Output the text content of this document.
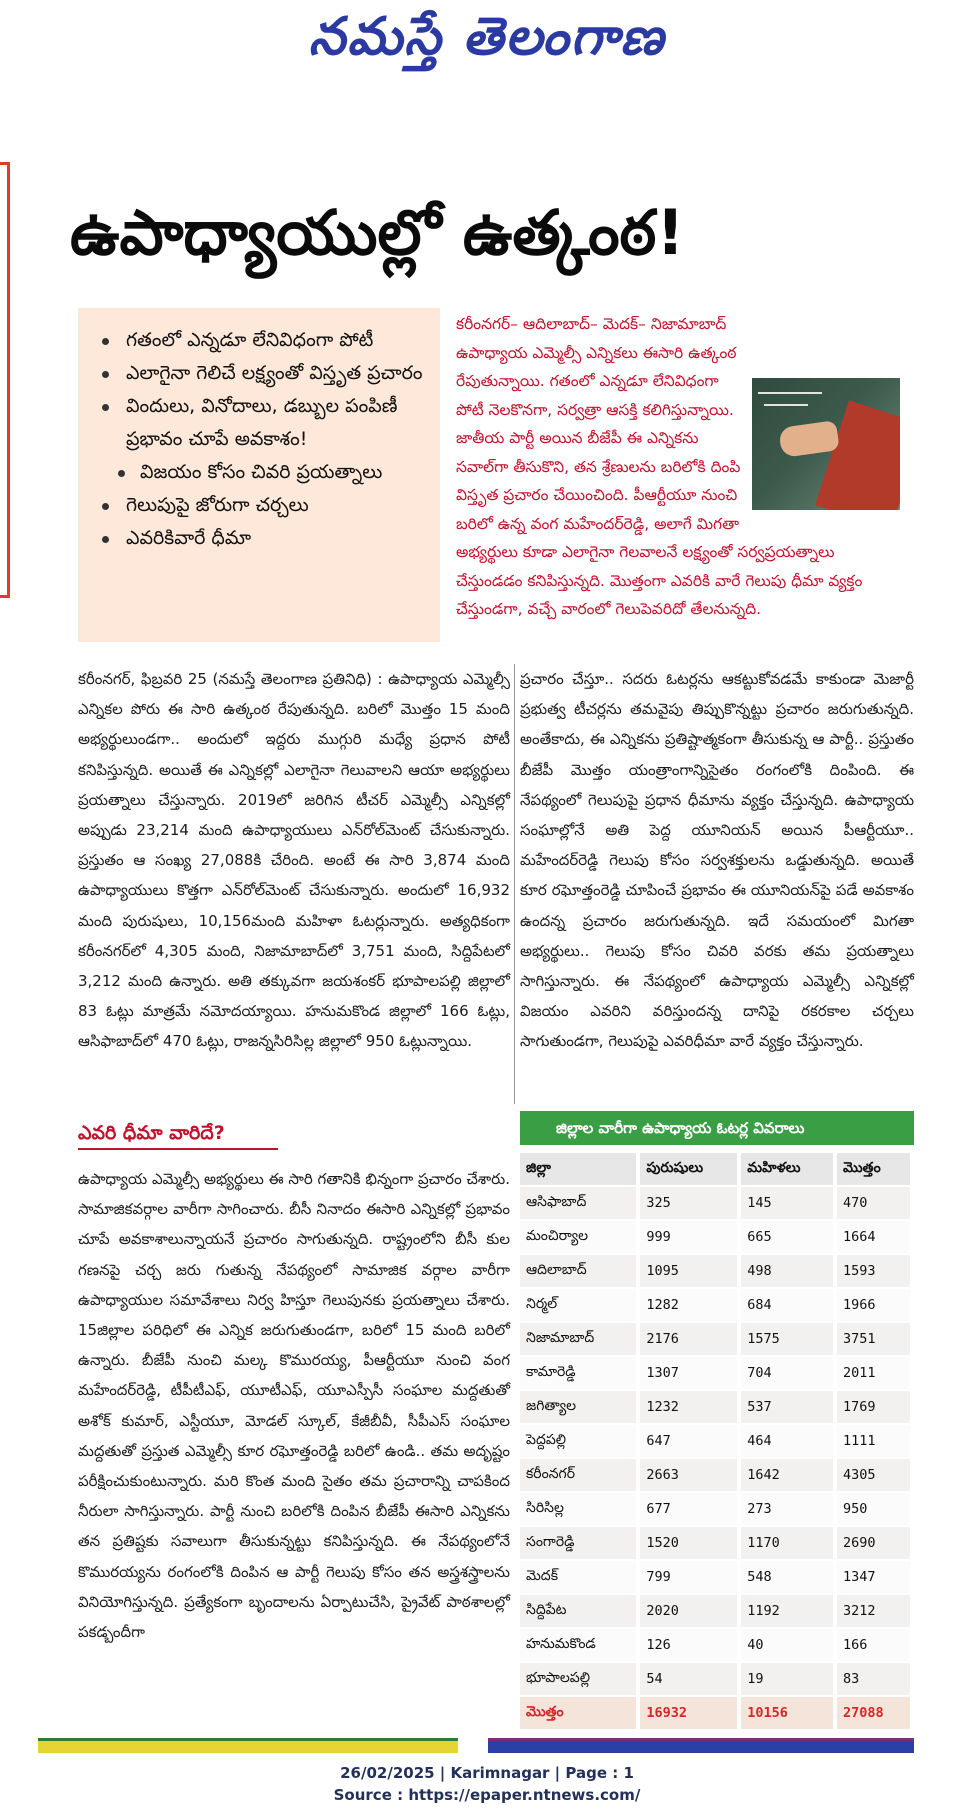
నమస్తే తెలంగాణ
ఉపాధ్యాయుల్లో ఉత్కంఠ!
గతంలో ఎన్నడూ లేనివిధంగా పోటీ
ఎలాగైనా గెలిచే లక్ష్యంతో విస్తృత ప్రచారం
విందులు, వినోదాలు, డబ్బుల పంపిణీ ప్రభావం చూపే అవకాశం!
విజయం కోసం చివరి ప్రయత్నాలు
గెలుపుపై జోరుగా చర్చలు
ఎవరికివారే ధీమా
కరీంనగర్– ఆదిలాబాద్– మెదక్– నిజామాబాద్ ఉపాధ్యాయ ఎమ్మెల్సీ ఎన్నికలు ఈసారి ఉత్కంఠ రేపుతున్నాయి. గతంలో ఎన్నడూ లేనివిధంగా పోటీ నెలకొనగా, సర్వత్రా ఆసక్తి కలిగిస్తున్నాయి. జాతీయ పార్టీ అయిన బీజేపీ ఈ ఎన్నికను సవాల్‌గా తీసుకొని, తన శ్రేణులను బరిలోకి దింపి విస్తృత ప్రచారం చేయించింది. పీఆర్టీయూ నుంచి బరిలో ఉన్న వంగ మహేందర్‌రెడ్డి, అలాగే మిగతా అభ్యర్థులు కూడా ఎలాగైనా గెలవాలనే లక్ష్యంతో సర్వప్రయత్నాలు చేస్తుండడం కనిపిస్తున్నది. మొత్తంగా ఎవరికి వారే గెలుపు ధీమా వ్యక్తం చేస్తుండగా, వచ్చే వారంలో గెలుపెవరిదో తేలనున్నది.
కరీంనగర్, ఫిబ్రవరి 25 (నమస్తే తెలంగాణ ప్రతినిధి) : ఉపాధ్యాయ ఎమ్మెల్సీ ఎన్నికల పోరు ఈ సారి ఉత్కంఠ రేపుతున్నది. బరిలో మొత్తం 15 మంది అభ్యర్థులుండగా.. అందులో ఇద్దరు ముగ్గురి మధ్యే ప్రధాన పోటీ కనిపిస్తున్నది. అయితే ఈ ఎన్నికల్లో ఎలాగైనా గెలువాలని ఆయా అభ్యర్థులు ప్రయత్నాలు చేస్తున్నారు. 2019లో జరిగిన టీచర్ ఎమ్మెల్సీ ఎన్నికల్లో అప్పుడు 23,214 మంది ఉపాధ్యాయులు ఎన్‌రోల్‌మెంట్ చేసుకున్నారు. ప్రస్తుతం ఆ సంఖ్య 27,088కి చేరింది. అంటే ఈ సారి 3,874 మంది ఉపాధ్యాయులు కొత్తగా ఎన్‌రోల్‌మెంట్ చేసుకున్నారు. అందులో 16,932 మంది పురుషులు, 10,156మంది మహిళా ఓటర్లున్నారు. అత్యధికంగా కరీంనగర్‌లో 4,305 మంది, నిజామాబాద్‌లో 3,751 మంది, సిద్దిపేటలో 3,212 మంది ఉన్నారు. అతి తక్కువగా జయశంకర్ భూపాలపల్లి జిల్లాలో 83 ఓట్లు మాత్రమే నమోదయ్యాయి. హనుమకొండ జిల్లాలో 166 ఓట్లు, ఆసిఫాబాద్‌లో 470 ఓట్లు, రాజన్నసిరిసిల్ల జిల్లాలో 950 ఓట్లున్నాయి.
ప్రచారం చేస్తూ.. సదరు ఓటర్లను ఆకట్టుకోవడమే కాకుండా మెజార్టీ ప్రభుత్వ టీచర్లను తమవైపు తిప్పుకొన్నట్టు ప్రచారం జరుగుతున్నది. అంతేకాదు, ఈ ఎన్నికను ప్రతిష్టాత్మకంగా తీసుకున్న ఆ పార్టీ.. ప్రస్తుతం బీజేపీ మొత్తం యంత్రాంగాన్నిసైతం రంగంలోకి దింపింది. ఈ నేపథ్యంలో గెలుపుపై ప్రధాన ధీమాను వ్యక్తం చేస్తున్నది. ఉపాధ్యాయ సంఘాల్లోనే అతి పెద్ద యూనియన్ అయిన పీఆర్టీయూ.. మహేందర్‌రెడ్డి గెలుపు కోసం సర్వశక్తులను ఒడ్డుతున్నది. అయితే కూర రఘోత్తంరెడ్డి చూపించే ప్రభావం ఈ యూనియన్‌పై పడే అవకాశం ఉందన్న ప్రచారం జరుగుతున్నది. ఇదే సమయంలో మిగతా అభ్యర్థులు.. గెలుపు కోసం చివరి వరకు తమ ప్రయత్నాలు సాగిస్తున్నారు. ఈ నేపథ్యంలో ఉపాధ్యాయ ఎమ్మెల్సీ ఎన్నికల్లో విజయం ఎవరిని వరిస్తుందన్న దానిపై రకరకాల చర్చలు సాగుతుండగా, గెలుపుపై ఎవరిధీమా వారే వ్యక్తం చేస్తున్నారు.
ఎవరి ధీమా వారిదే?
ఉపాధ్యాయ ఎమ్మెల్సీ అభ్యర్థులు ఈ సారి గతానికి భిన్నంగా ప్రచారం చేశారు. సామాజికవర్గాల వారీగా సాగించారు. బీసీ నినాదం ఈసారి ఎన్నికల్లో ప్రభావం చూపే అవకాశాలున్నాయనే ప్రచారం సాగుతున్నది. రాష్ట్రంలోని బీసీ కుల గణనపై చర్చ జరు గుతున్న నేపథ్యంలో సామాజిక వర్గాల వారీగా ఉపాధ్యాయుల సమావేశాలు నిర్వ హిస్తూ గెలుపునకు ప్రయత్నాలు చేశారు. 15జిల్లాల పరిధిలో ఈ ఎన్నిక జరుగుతుండగా, బరిలో 15 మంది బరిలో ఉన్నారు. బీజేపీ నుంచి మల్క కొమురయ్య, పీఆర్టీయూ నుంచి వంగ మహేందర్‌రెడ్డి, టీపీటీఎఫ్, యూటీఎఫ్, యూఎస్పీసీ సంఘాల మద్దతుతో అశోక్ కుమార్, ఎస్టీయూ, మోడల్ స్కూల్, కేజీబీవీ, సీపీఎస్ సంఘాల మద్దతుతో ప్రస్తుత ఎమ్మెల్సీ కూర రఘోత్తంరెడ్డి బరిలో ఉండి.. తమ అదృష్టం పరీక్షించుకుంటున్నారు. మరి కొంత మంది సైతం తమ ప్రచారాన్ని చాపకింద నీరులా సాగిస్తున్నారు. పార్టీ నుంచి బరిలోకి దింపిన బీజేపీ ఈసారి ఎన్నికను తన ప్రతిష్టకు సవాలుగా తీసుకున్నట్టు కనిపిస్తున్నది. ఈ నేపథ్యంలోనే కొమురయ్యను రంగంలోకి దింపిన ఆ పార్టీ గెలుపు కోసం తన అస్త్రశస్త్రాలను వినియోగిస్తున్నది. ప్రత్యేకంగా బృందాలను ఏర్పాటుచేసి, ప్రైవేట్ పాఠశాలల్లో పకడ్బందీగా
జిల్లాల వారీగా ఉపాధ్యాయ ఓటర్ల వివరాలు
జిల్లా	పురుషులు	మహిళలు	మొత్తం
ఆసిఫాబాద్	325	145	470
మంచిర్యాల	999	665	1664
ఆదిలాబాద్	1095	498	1593
నిర్మల్	1282	684	1966
నిజామాబాద్	2176	1575	3751
కామారెడ్డి	1307	704	2011
జగిత్యాల	1232	537	1769
పెద్దపల్లి	647	464	1111
కరీంనగర్	2663	1642	4305
సిరిసిల్ల	677	273	950
సంగారెడ్డి	1520	1170	2690
మెదక్	799	548	1347
సిద్దిపేట	2020	1192	3212
హనుమకొండ	126	40	166
భూపాలపల్లి	54	19	83
మొత్తం	16932	10156	27088
26/02/2025 | Karimnagar | Page : 1
Source : https://epaper.ntnews.com/
